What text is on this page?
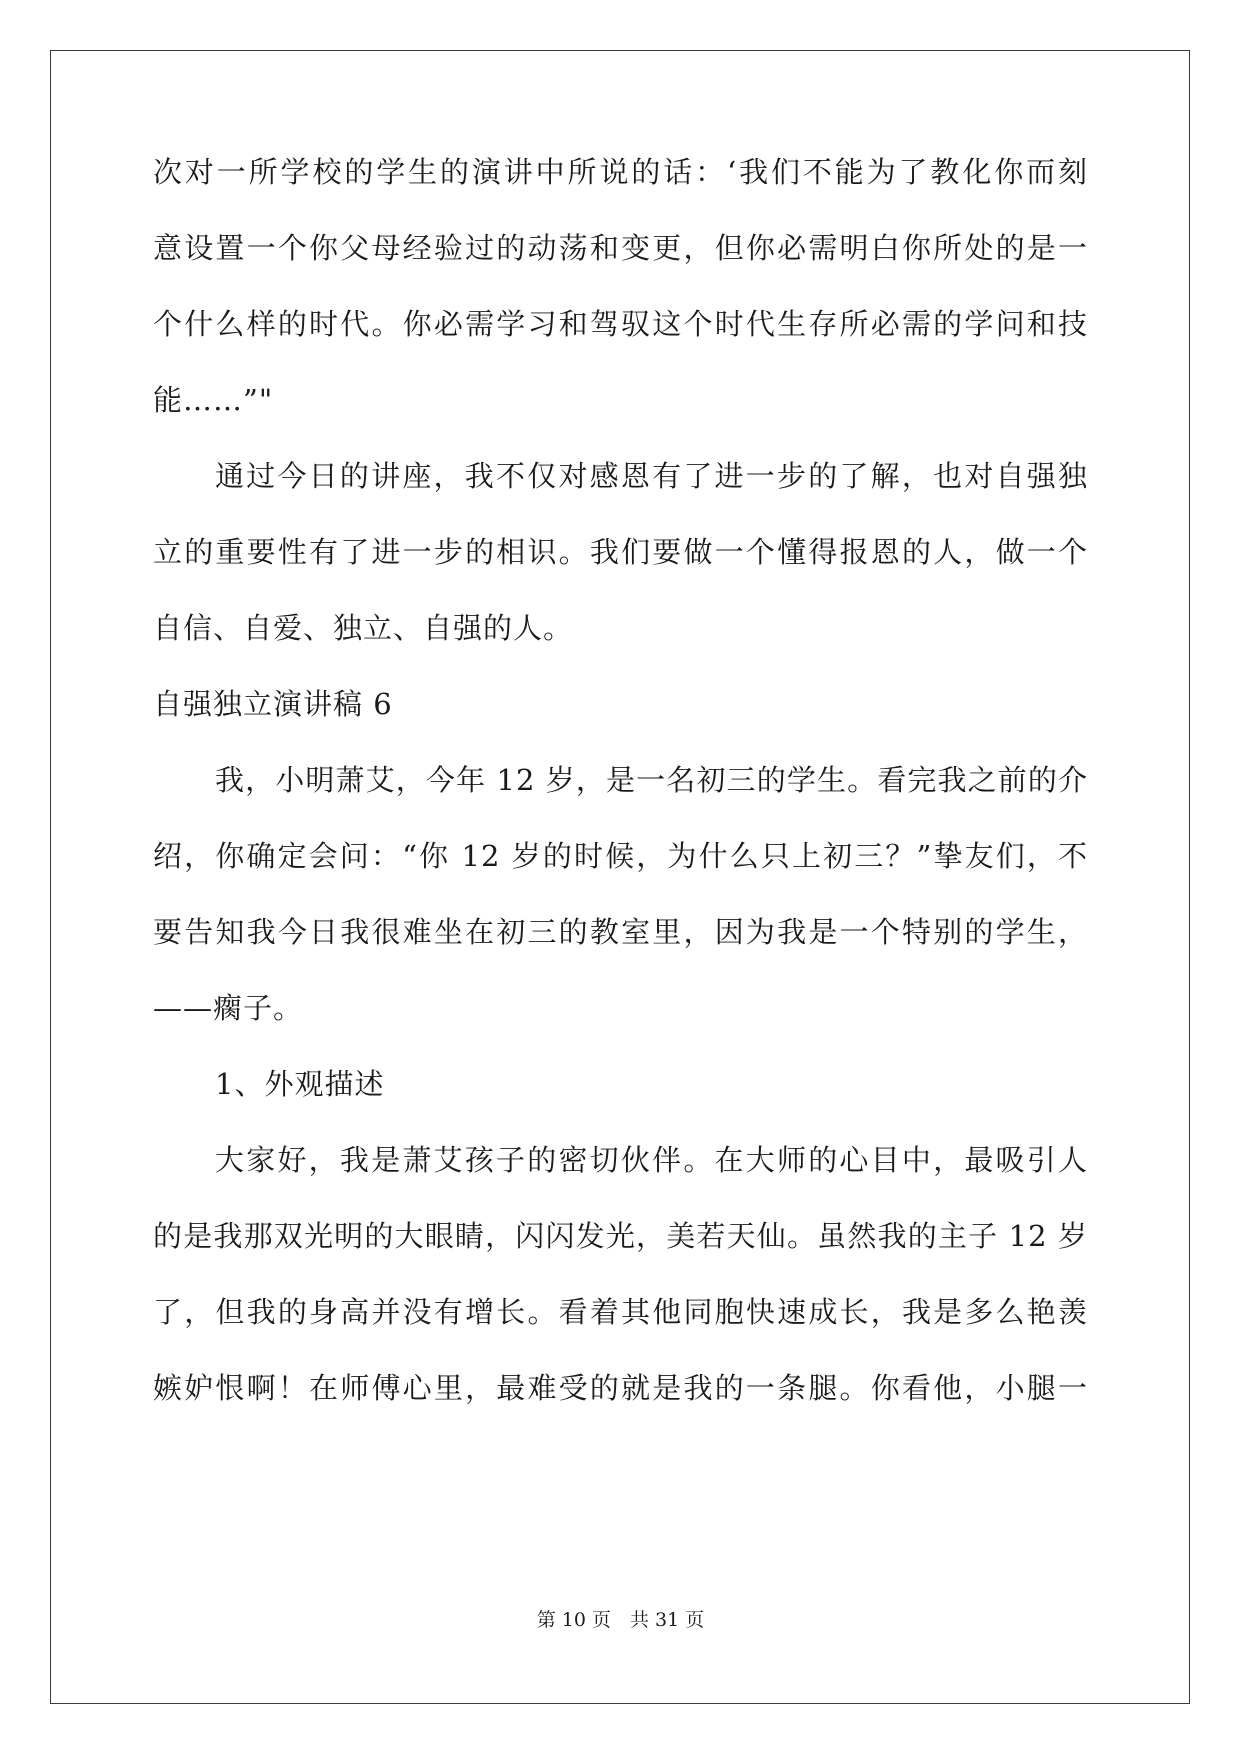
次对一所学校的学生的演讲中所说的话：‘我们不能为了教化你而刻
意设置一个你父母经验过的动荡和变更，但你必需明白你所处的是一
个什么样的时代。你必需学习和驾驭这个时代生存所必需的学问和技
能……”"
通过今日的讲座，我不仅对感恩有了进一步的了解，也对自强独
立的重要性有了进一步的相识。我们要做一个懂得报恩的人，做一个
自信、自爱、独立、自强的人。
自强独立演讲稿 6
我，小明萧艾，今年 12 岁，是一名初三的学生。看完我之前的介
绍，你确定会问：“你 12 岁的时候，为什么只上初三？”挚友们，不
要告知我今日我很难坐在初三的教室里，因为我是一个特别的学生，
——瘸子。
1、外观描述
大家好，我是萧艾孩子的密切伙伴。在大师的心目中，最吸引人
的是我那双光明的大眼睛，闪闪发光，美若天仙。虽然我的主子 12 岁
了，但我的身高并没有增长。看着其他同胞快速成长，我是多么艳羡
嫉妒恨啊！在师傅心里，最难受的就是我的一条腿。你看他，小腿一
第 10 页　共 31 页
